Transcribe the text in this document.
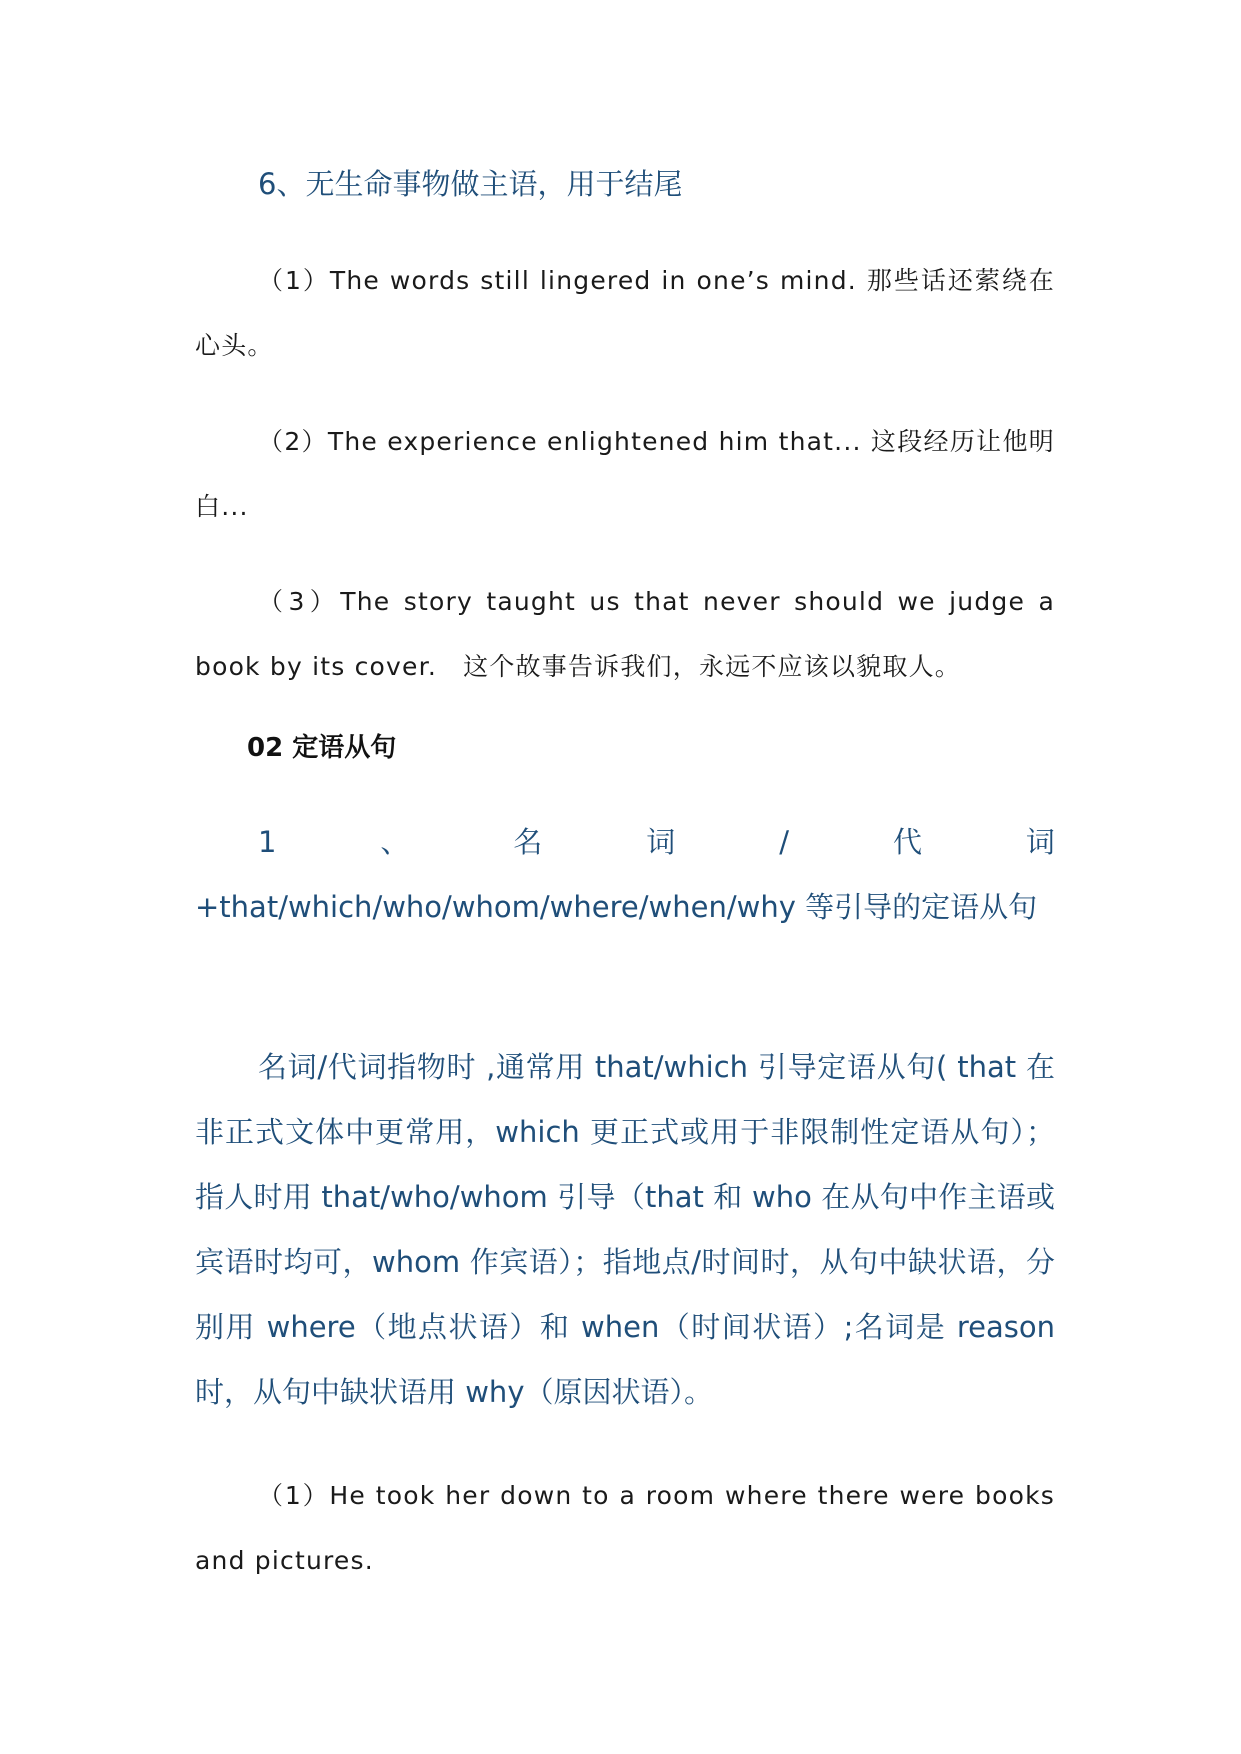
6、无生命事物做主语，用于结尾

（1）The words still lingered in one’s mind. 那些话还萦绕在心头。

（2）The experience enlightened him that... 这段经历让他明白...

（3）The story taught us that never should we judge a book by its cover.　这个故事告诉我们，永远不应该以貌取人。

02 定语从句

1	、	名	词	/	代	词
+that/which/who/whom/where/when/why 等引导的定语从句

名词/代词指物时 ,通常用 that/which 引导定语从句( that 在非正式文体中更常用，which 更正式或用于非限制性定语从句）；指人时用 that/who/whom 引导（that 和 who 在从句中作主语或宾语时均可，whom 作宾语）；指地点/时间时，从句中缺状语，分别用 where（地点状语）和 when（时间状语）;名词是 reason 时，从句中缺状语用 why（原因状语）。

（1）He took her down to a room where there were books and pictures.
